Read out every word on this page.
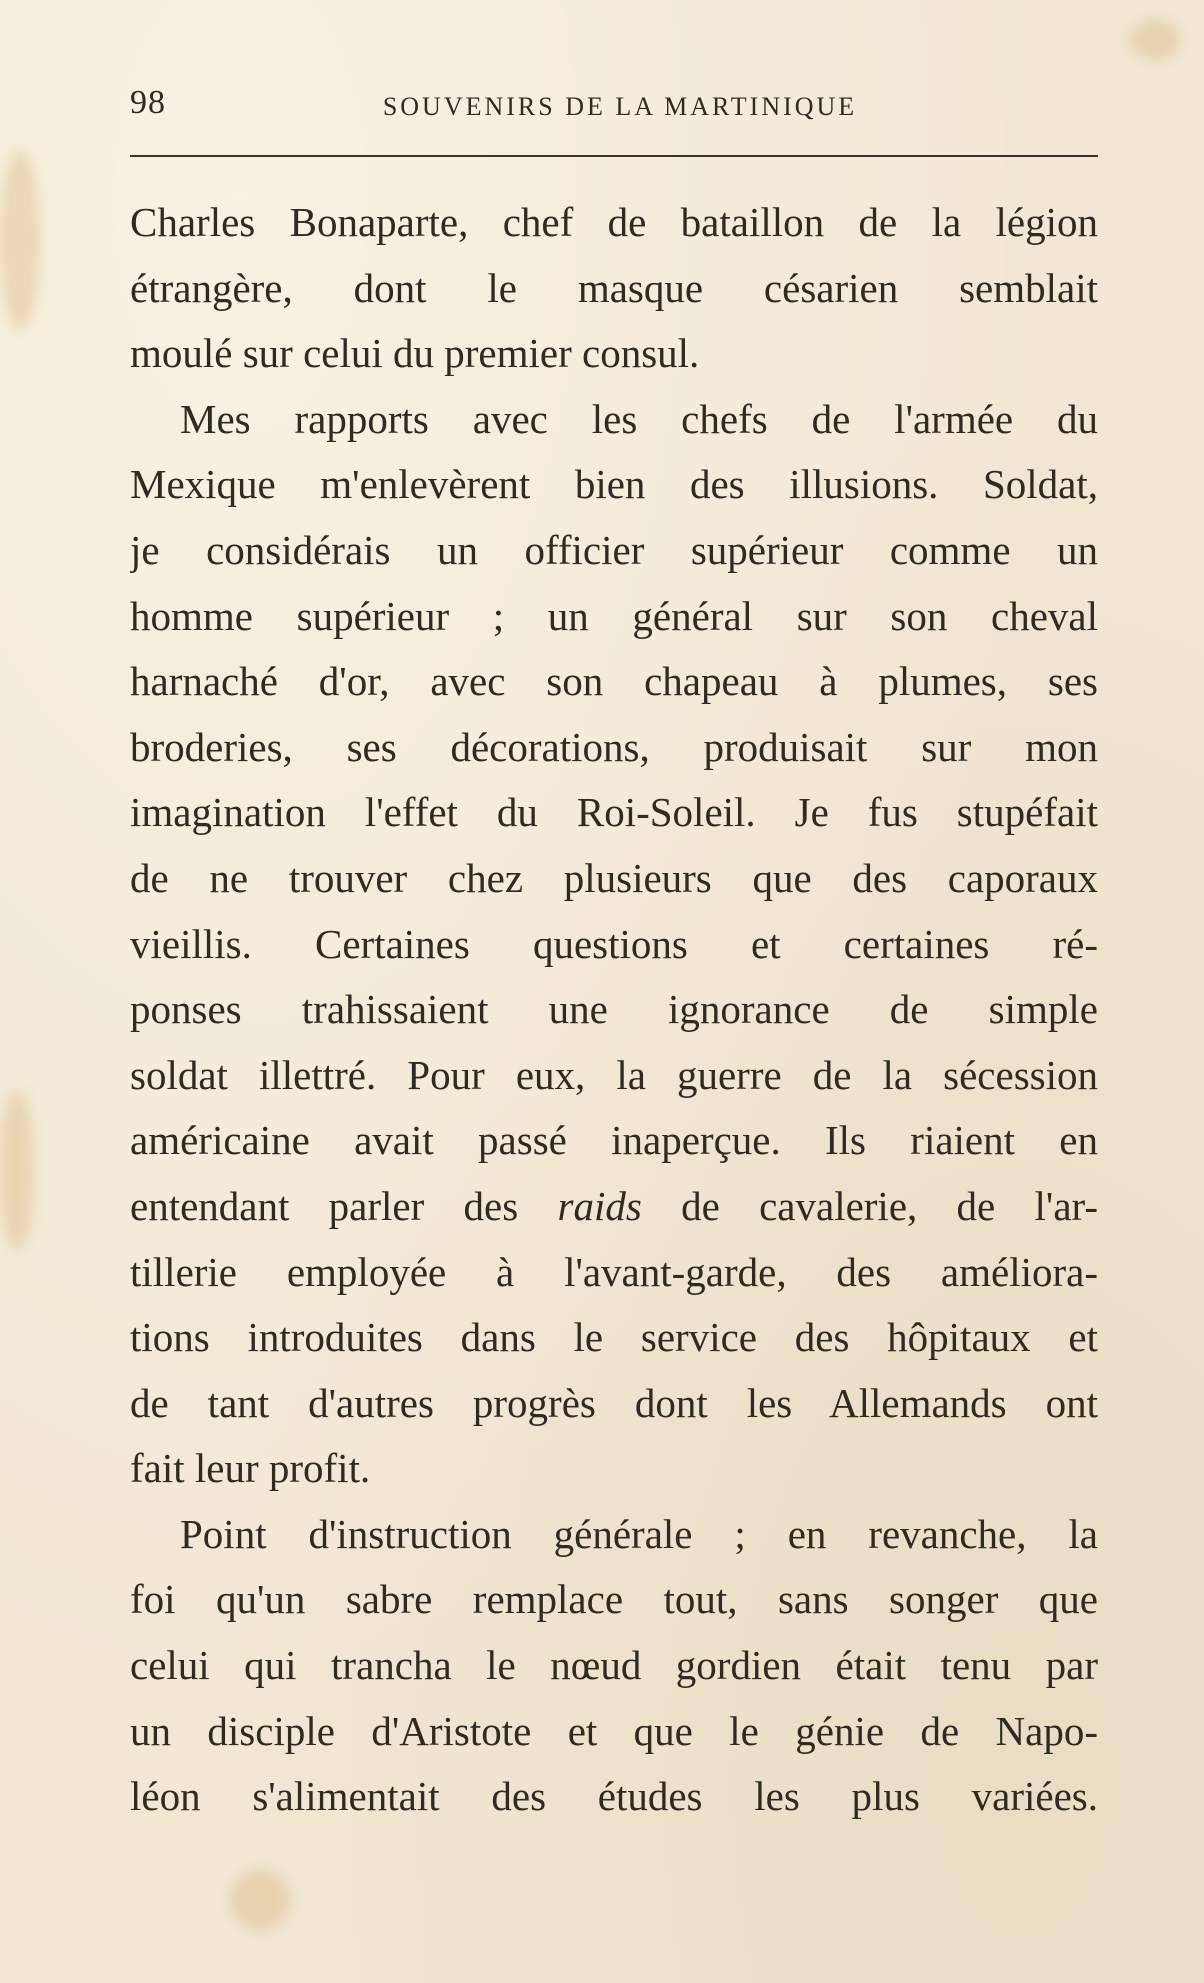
98	SOUVENIRS DE LA MARTINIQUE
Charles Bonaparte, chef de bataillon de la légion
étrangère, dont le masque césarien semblait
moulé sur celui du premier consul.
Mes rapports avec les chefs de l'armée du
Mexique m'enlevèrent bien des illusions. Soldat,
je considérais un officier supérieur comme un
homme supérieur ; un général sur son cheval
harnaché d'or, avec son chapeau à plumes, ses
broderies, ses décorations, produisait sur mon
imagination l'effet du Roi-Soleil. Je fus stupéfait
de ne trouver chez plusieurs que des caporaux
vieillis. Certaines questions et certaines ré-
ponses trahissaient une ignorance de simple
soldat illettré. Pour eux, la guerre de la sécession
américaine avait passé inaperçue. Ils riaient en
entendant parler des raids de cavalerie, de l'ar-
tillerie employée à l'avant-garde, des améliora-
tions introduites dans le service des hôpitaux et
de tant d'autres progrès dont les Allemands ont
fait leur profit.
Point d'instruction générale ; en revanche, la
foi qu'un sabre remplace tout, sans songer que
celui qui trancha le nœud gordien était tenu par
un disciple d'Aristote et que le génie de Napo-
léon s'alimentait des études les plus variées.
